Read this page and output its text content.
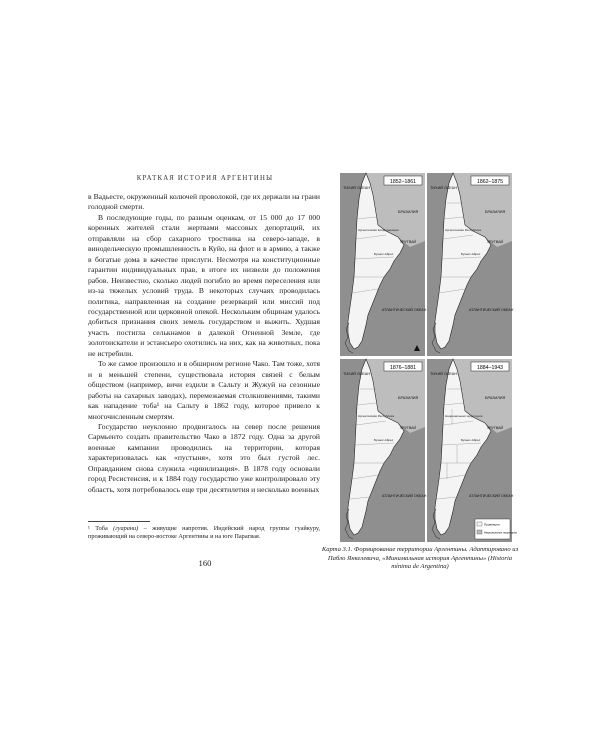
КРАТКАЯ ИСТОРИЯ АРГЕНТИНЫ

в Вадьесте, окруженный колючей проволокой, где их держали на грани голодной смерти.

В последующие годы, по разным оценкам, от 15 000 до 17 000 коренных жителей стали жертвами массовых депортаций, их отправляли на сбор сахарного тростника на северо-западе, в винодельческую промышленность в Куйо, на флот и в армию, а также в богатые дома в качестве прислуги. Несмотря на конституционные гарантии индивидуальных прав, в итоге их низвели до положения рабов. Неизвестно, сколько людей погибло во время переселения или из-за тяжелых условий труда. В некоторых случаях проводилась политика, направленная на создание резерваций или миссий под государственной или церковной опекой. Нескольким общинам удалось добиться признания своих земель государством и выжить. Худшая участь постигла селькнамов в далекой Огненной Земле, где золотоискатели и эстансьеро охотились на них, как на животных, пока не истребили.

То же самое произошло и в обширном регионе Чако. Там тоже, хотя и в меньшей степени, существовала история связей с белым обществом (например, вичи ездили в Сальту и Жужуй на сезонные работы на сахарных заводах), перемежаемая столкновениями, такими как нападение тоба¹ на Сальту в 1862 году, которое привело к многочисленным смертям.

Государство неуклонно продвигалось на север после решения Сармьенто создать правительство Чако в 1872 году. Одна за другой военные кампании проводились на территории, которая характеризовалась как «пустыня», хотя это был густой лес. Оправданием снова служила «цивилизация». В 1878 году основали город Ресистенсия, и к 1884 году государство уже контролировало эту область, хотя потребовалось еще три десятилетия и несколько военных

¹ Тоба (гуарани) – живущие напротив. Индейский народ группы гуайкуру, проживающий на северо-востоке Аргентины и на юге Парагвая.
160
1852–1861
ТИХИЙ ОКЕАН
БРАЗИЛИЯ
УРУГВАЙ
АТЛАНТИЧЕСКИЙ ОКЕАН
Аргентинская Конфедерация
Буэнос-Айрес
1862–1875
ТИХИЙ ОКЕАН
БРАЗИЛИЯ
УРУГВАЙ
АТЛАНТИЧЕСКИЙ ОКЕАН
Аргентинская Республика
Буэнос-Айрес
1876–1881
ТИХИЙ ОКЕАН
БРАЗИЛИЯ
УРУГВАЙ
АТЛАНТИЧЕСКИЙ ОКЕАН
Аргентинская Республика
Буэнос-Айрес
1884–1943
ТИХИЙ ОКЕАН
БРАЗИЛИЯ
УРУГВАЙ
АТЛАНТИЧЕСКИЙ ОКЕАН
Национальная территория
Буэнос-Айрес
Провинции
Национальные территории
Карта 3.1. Формирование территории Аргентины. Адаптировано из Пабло Янкелевича, «Минимальная история Аргентины» (Historia mínima de Argentina)
